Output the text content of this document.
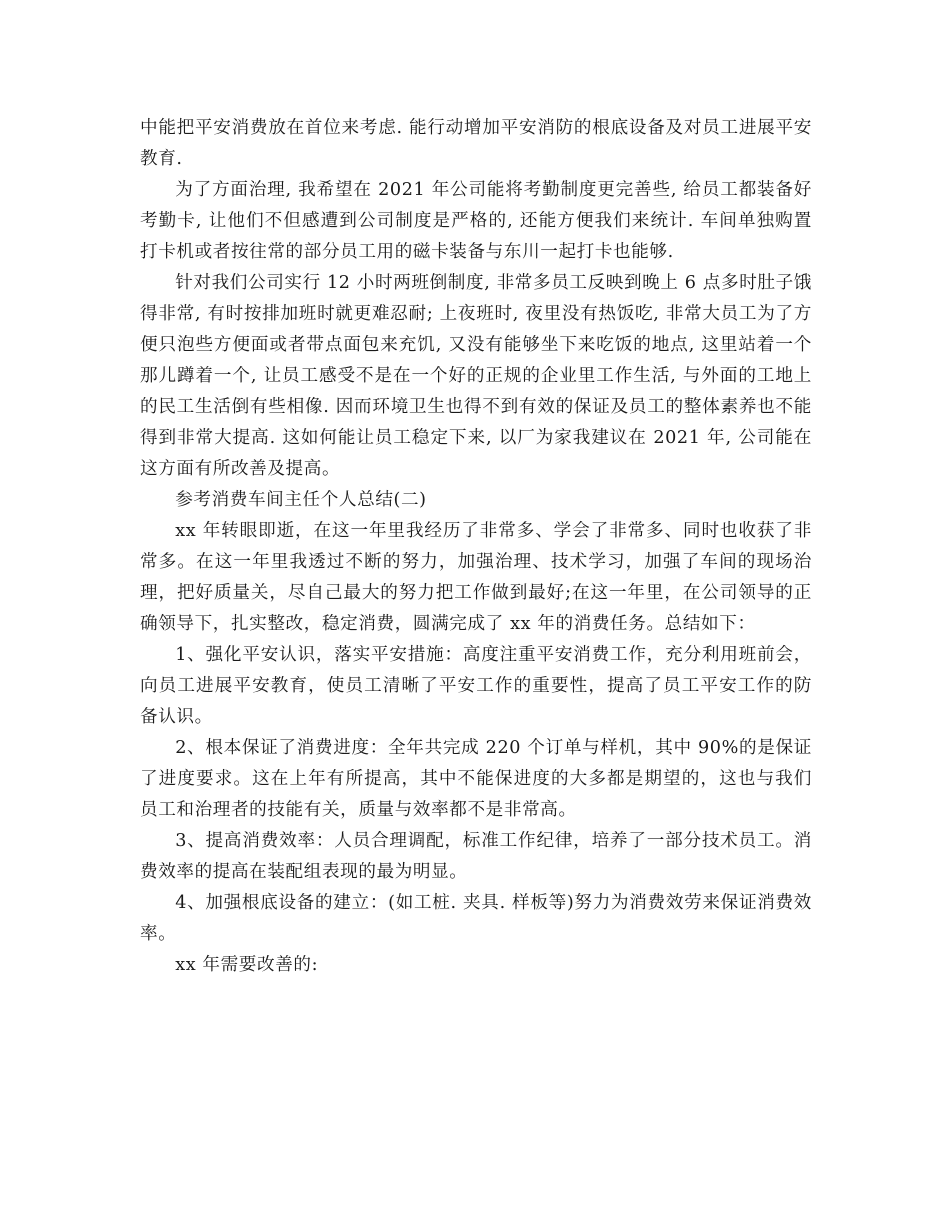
中能把平安消费放在首位来考虑. 能行动增加平安消防的根底设备及对员工进展平安教育.

为了方面治理, 我希望在 2021 年公司能将考勤制度更完善些, 给员工都装备好考勤卡, 让他们不但感遭到公司制度是严格的, 还能方便我们来统计. 车间单独购置打卡机或者按往常的部分员工用的磁卡装备与东川一起打卡也能够.

针对我们公司实行 12 小时两班倒制度, 非常多员工反映到晚上 6 点多时肚子饿得非常, 有时按排加班时就更难忍耐; 上夜班时, 夜里没有热饭吃, 非常大员工为了方便只泡些方便面或者带点面包来充饥, 又没有能够坐下来吃饭的地点, 这里站着一个那儿蹲着一个, 让员工感受不是在一个好的正规的企业里工作生活, 与外面的工地上的民工生活倒有些相像. 因而环境卫生也得不到有效的保证及员工的整体素养也不能得到非常大提高. 这如何能让员工稳定下来, 以厂为家我建议在 2021 年, 公司能在这方面有所改善及提高。

参考消费车间主任个人总结(二)

xx 年转眼即逝，在这一年里我经历了非常多、学会了非常多、同时也收获了非常多。在这一年里我透过不断的努力，加强治理、技术学习，加强了车间的现场治理，把好质量关，尽自己最大的努力把工作做到最好;在这一年里，在公司领导的正确领导下，扎实整改，稳定消费，圆满完成了 xx 年的消费任务。总结如下：

1、强化平安认识，落实平安措施：高度注重平安消费工作，充分利用班前会，向员工进展平安教育，使员工清晰了平安工作的重要性，提高了员工平安工作的防备认识。

2、根本保证了消费进度：全年共完成 220 个订单与样机，其中 90%的是保证了进度要求。这在上年有所提高，其中不能保进度的大多都是期望的，这也与我们员工和治理者的技能有关，质量与效率都不是非常高。

3、提高消费效率：人员合理调配，标准工作纪律，培养了一部分技术员工。消费效率的提高在装配组表现的最为明显。

4、加强根底设备的建立：(如工桩. 夹具. 样板等)努力为消费效劳来保证消费效率。

xx 年需要改善的:
